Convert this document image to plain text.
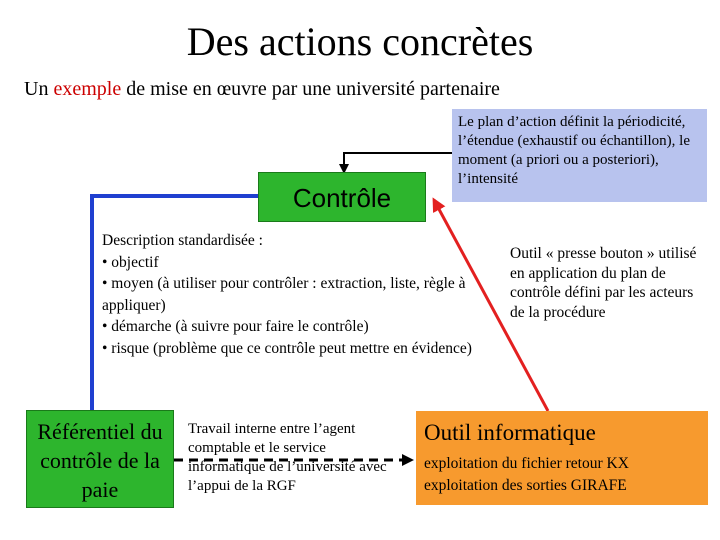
Des actions concrètes
Un exemple de mise en œuvre par une université partenaire
Le plan d’action définit la périodicité, l’étendue (exhaustif ou échantillon), le moment (a priori ou a posteriori), l’intensité
Contrôle
Description standardisée :
• objectif
• moyen (à utiliser pour contrôler : extraction, liste, règle à appliquer)
• démarche (à suivre pour faire le contrôle)
• risque (problème que ce contrôle peut mettre en évidence)
Outil « presse bouton » utilisé en application du plan de contrôle défini par les acteurs de la procédure
Référentiel du
contrôle de la
paie
Travail interne entre l’agent comptable et le service informatique de l’université avec l’appui de la RGF
Outil informatique
exploitation du fichier retour KX
exploitation des sorties GIRAFE
